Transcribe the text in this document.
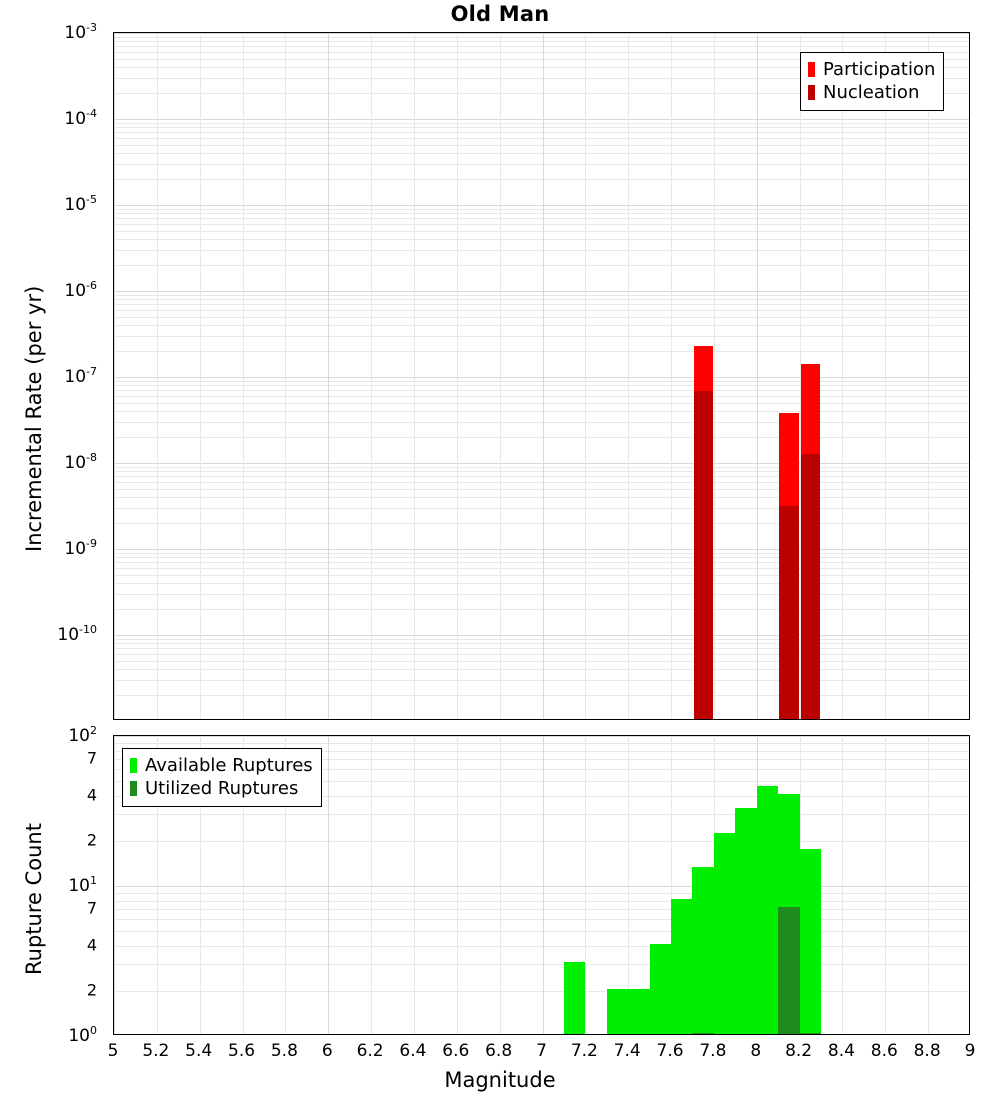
Old Man
$10^{-10}$
$10^{-9}$
$10^{-8}$
$10^{-7}$
$10^{-6}$
$10^{-5}$
$10^{-4}$
$10^{-3}$
Incremental Rate (per yr)
Participation
Nucleation
$10^0$
$10^1$
$10^2$
2
4
7
2
4
7
Rupture Count
Available Ruptures
Utilized Ruptures
5 5.2 5.4 5.6 5.8 6 6.2 6.4 6.6 6.8 7 7.2 7.4 7.6 7.8 8 8.2 8.4 8.6 8.8 9
Magnitude
